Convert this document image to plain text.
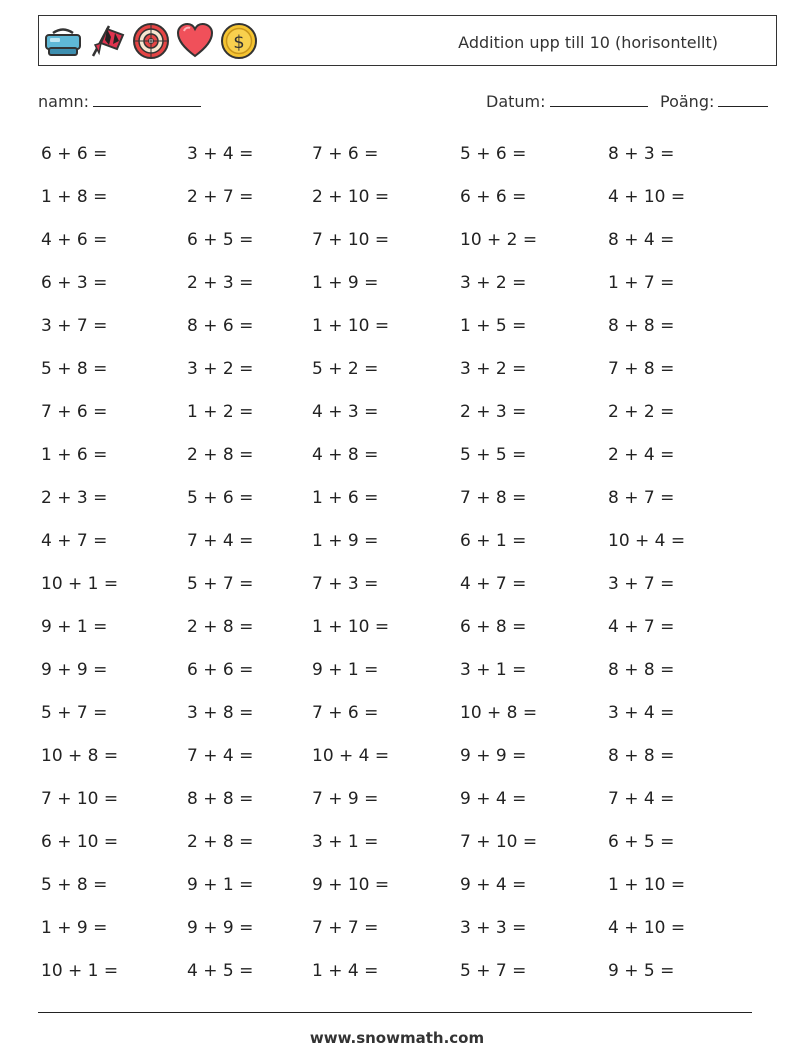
$	Addition upp till 10 (horisontellt)
namn:	Datum:	Poäng:
6 + 6 =	3 + 4 =	7 + 6 =	5 + 6 =	8 + 3 =
1 + 8 =	2 + 7 =	2 + 10 =	6 + 6 =	4 + 10 =
4 + 6 =	6 + 5 =	7 + 10 =	10 + 2 =	8 + 4 =
6 + 3 =	2 + 3 =	1 + 9 =	3 + 2 =	1 + 7 =
3 + 7 =	8 + 6 =	1 + 10 =	1 + 5 =	8 + 8 =
5 + 8 =	3 + 2 =	5 + 2 =	3 + 2 =	7 + 8 =
7 + 6 =	1 + 2 =	4 + 3 =	2 + 3 =	2 + 2 =
1 + 6 =	2 + 8 =	4 + 8 =	5 + 5 =	2 + 4 =
2 + 3 =	5 + 6 =	1 + 6 =	7 + 8 =	8 + 7 =
4 + 7 =	7 + 4 =	1 + 9 =	6 + 1 =	10 + 4 =
10 + 1 =	5 + 7 =	7 + 3 =	4 + 7 =	3 + 7 =
9 + 1 =	2 + 8 =	1 + 10 =	6 + 8 =	4 + 7 =
9 + 9 =	6 + 6 =	9 + 1 =	3 + 1 =	8 + 8 =
5 + 7 =	3 + 8 =	7 + 6 =	10 + 8 =	3 + 4 =
10 + 8 =	7 + 4 =	10 + 4 =	9 + 9 =	8 + 8 =
7 + 10 =	8 + 8 =	7 + 9 =	9 + 4 =	7 + 4 =
6 + 10 =	2 + 8 =	3 + 1 =	7 + 10 =	6 + 5 =
5 + 8 =	9 + 1 =	9 + 10 =	9 + 4 =	1 + 10 =
1 + 9 =	9 + 9 =	7 + 7 =	3 + 3 =	4 + 10 =
10 + 1 =	4 + 5 =	1 + 4 =	5 + 7 =	9 + 5 =
www.snowmath.com
